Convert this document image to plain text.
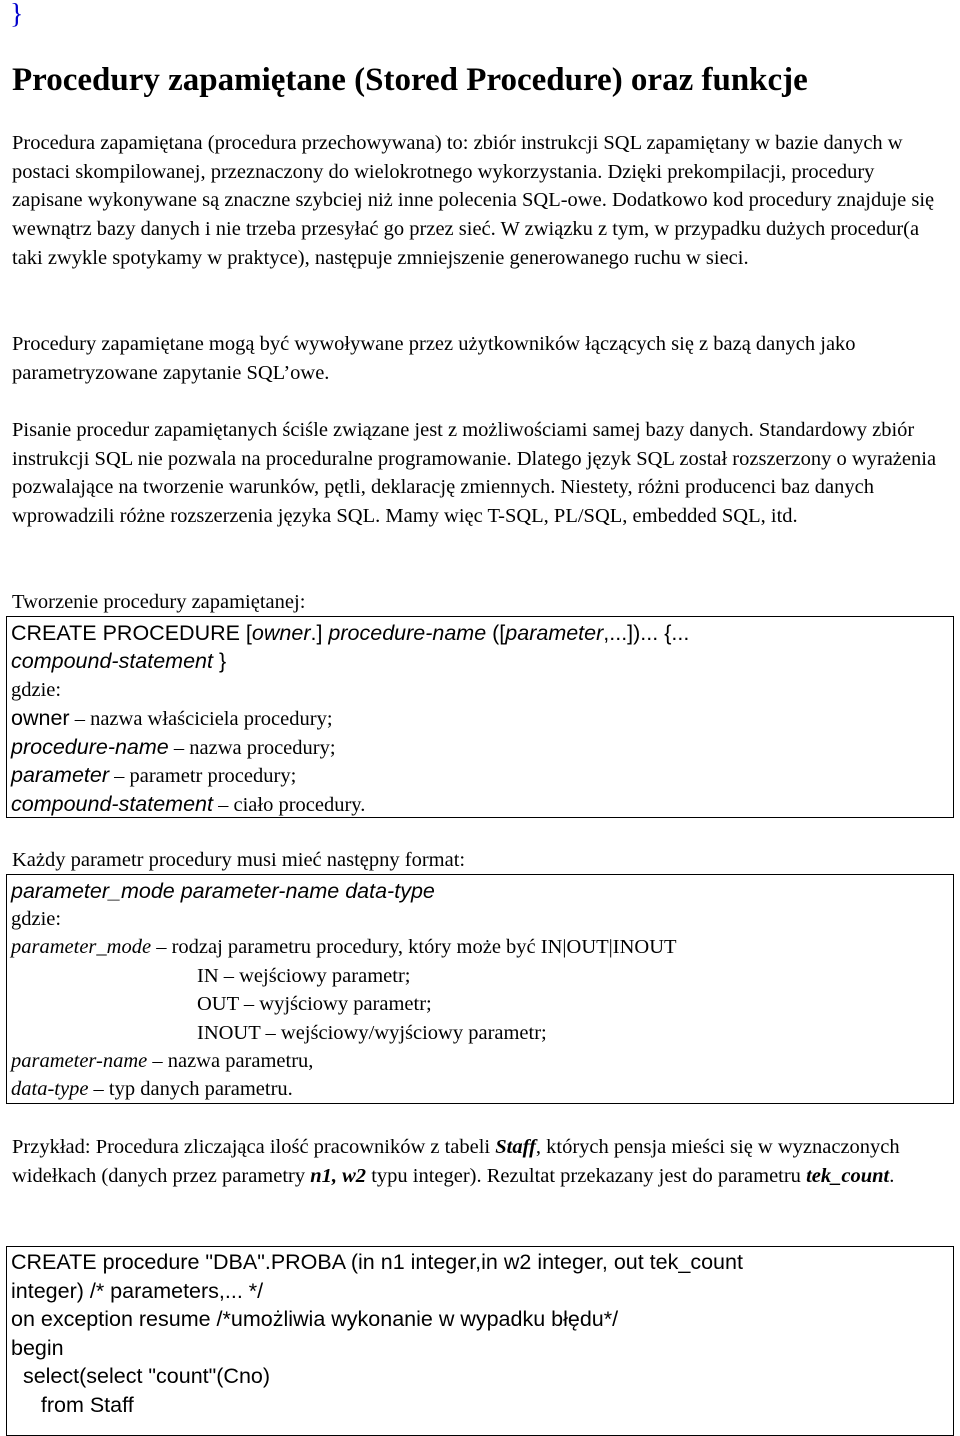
}
Procedury zapamiętane (Stored Procedure) oraz funkcje

Procedura zapamiętana (procedura przechowywana) to: zbiór instrukcji SQL zapamiętany w bazie danych w postaci skompilowanej, przeznaczony do wielokrotnego wykorzystania. Dzięki prekompilacji, procedury zapisane wykonywane są znaczne szybciej niż inne polecenia SQL-owe. Dodatkowo kod procedury znajduje się wewnątrz bazy danych i nie trzeba przesyłać go przez sieć. W związku z tym, w przypadku dużych procedur(a taki zwykle spotykamy w praktyce), następuje zmniejszenie generowanego ruchu w sieci.

Procedury zapamiętane mogą być wywoływane przez użytkowników łączących się z bazą danych jako parametryzowane zapytanie SQL’owe.

Pisanie procedur zapamiętanych ściśle związane jest z możliwościami samej bazy danych. Standardowy zbiór instrukcji SQL nie pozwala na proceduralne programowanie. Dlatego język SQL został rozszerzony o wyrażenia pozwalające na tworzenie warunków, pętli, deklarację zmiennych. Niestety, różni producenci baz danych wprowadzili różne rozszerzenia języka SQL. Mamy więc T-SQL, PL/SQL, embedded SQL, itd.

Tworzenie procedury zapamiętanej:

CREATE PROCEDURE [owner.] procedure-name ([parameter,...])... {...
compound-statement }
gdzie:
owner – nazwa właściciela procedury;
procedure-name – nazwa procedury;
parameter – parametr procedury;
compound-statement – ciało procedury.

Każdy parametr procedury musi mieć następny format:

parameter_mode parameter-name data-type
gdzie:
parameter_mode – rodzaj parametru procedury, który może być IN|OUT|INOUT
IN – wejściowy parametr;
OUT – wyjściowy parametr;
INOUT – wejściowy/wyjściowy parametr;
parameter-name – nazwa parametru,
data-type – typ danych parametru.

Przykład: Procedura zliczająca ilość pracowników z tabeli Staff, których pensja mieści się w wyznaczonych widełkach (danych przez parametry n1, w2 typu integer). Rezultat przekazany jest do parametru tek_count.

CREATE procedure "DBA".PROBA (in n1 integer,in w2 integer, out tek_count
integer) /* parameters,... */
on exception resume /*umożliwia wykonanie w wypadku błędu*/
begin
select(select "count"(Cno)
from Staff
